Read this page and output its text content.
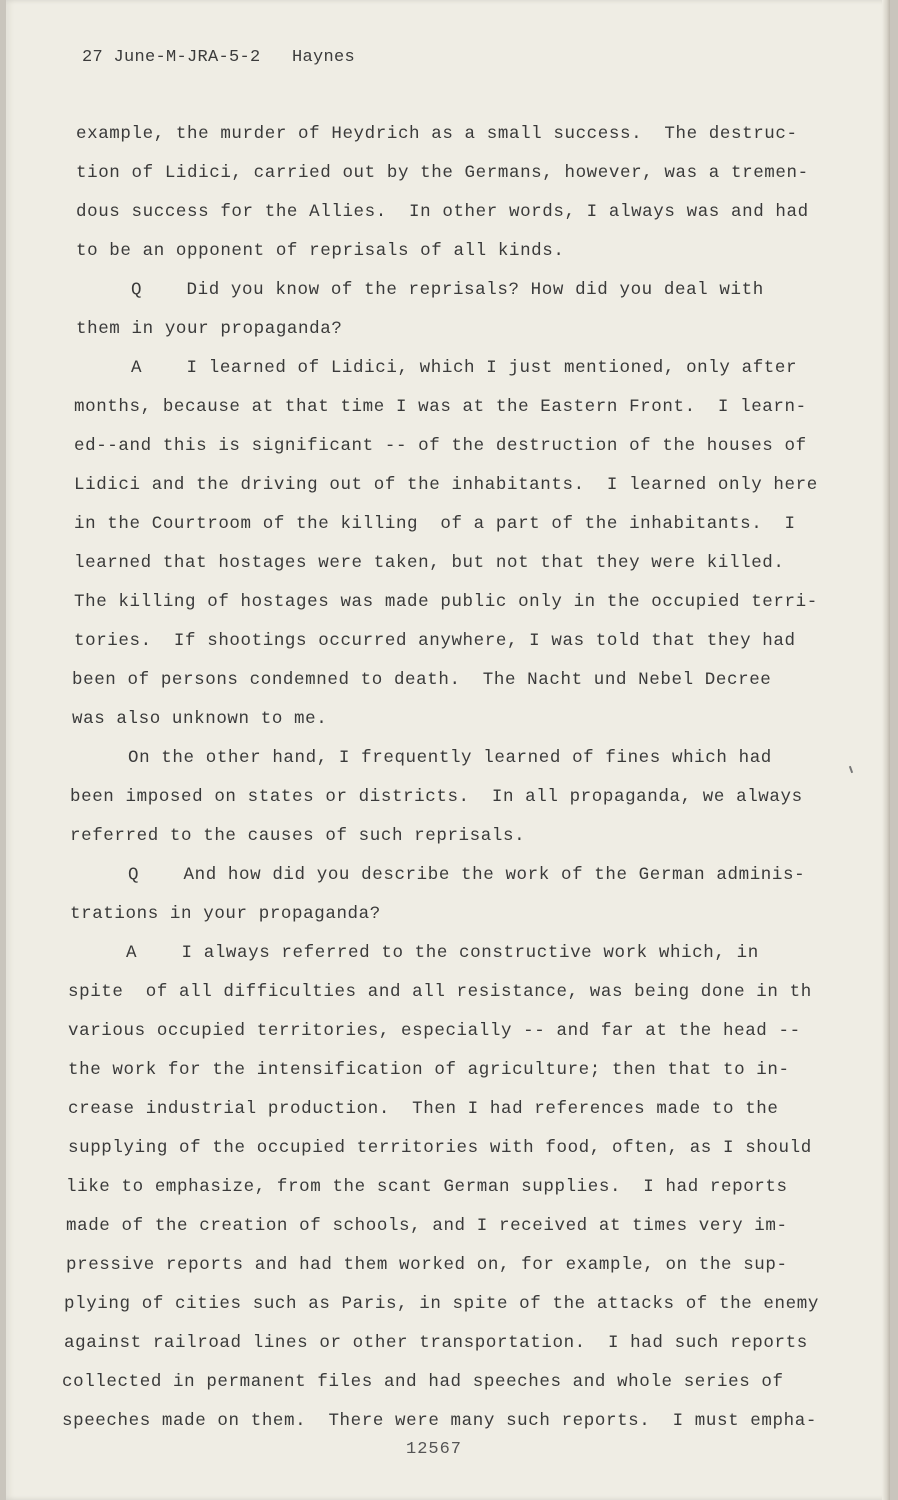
27 June-M-JRA-5-2   Haynes
example, the murder of Heydrich as a small success.  The destruc-
tion of Lidici, carried out by the Germans, however, was a tremen-
dous success for the Allies.  In other words, I always was and had
to be an opponent of reprisals of all kinds.
Q    Did you know of the reprisals? How did you deal with
them in your propaganda?
A    I learned of Lidici, which I just mentioned, only after
months, because at that time I was at the Eastern Front.  I learn-
ed--and this is significant -- of the destruction of the houses of
Lidici and the driving out of the inhabitants.  I learned only here
in the Courtroom of the killing  of a part of the inhabitants.  I
learned that hostages were taken, but not that they were killed.
The killing of hostages was made public only in the occupied terri-
tories.  If shootings occurred anywhere, I was told that they had
been of persons condemned to death.  The Nacht und Nebel Decree
was also unknown to me.
On the other hand, I frequently learned of fines which had
been imposed on states or districts.  In all propaganda, we always
referred to the causes of such reprisals.
Q    And how did you describe the work of the German adminis-
trations in your propaganda?
A    I always referred to the constructive work which, in
spite  of all difficulties and all resistance, was being done in th
various occupied territories, especially -- and far at the head --
the work for the intensification of agriculture; then that to in-
crease industrial production.  Then I had references made to the
supplying of the occupied territories with food, often, as I should
like to emphasize, from the scant German supplies.  I had reports
made of the creation of schools, and I received at times very im-
pressive reports and had them worked on, for example, on the sup-
plying of cities such as Paris, in spite of the attacks of the enemy
against railroad lines or other transportation.  I had such reports
collected in permanent files and had speeches and whole series of
speeches made on them.  There were many such reports.  I must empha-
12567
